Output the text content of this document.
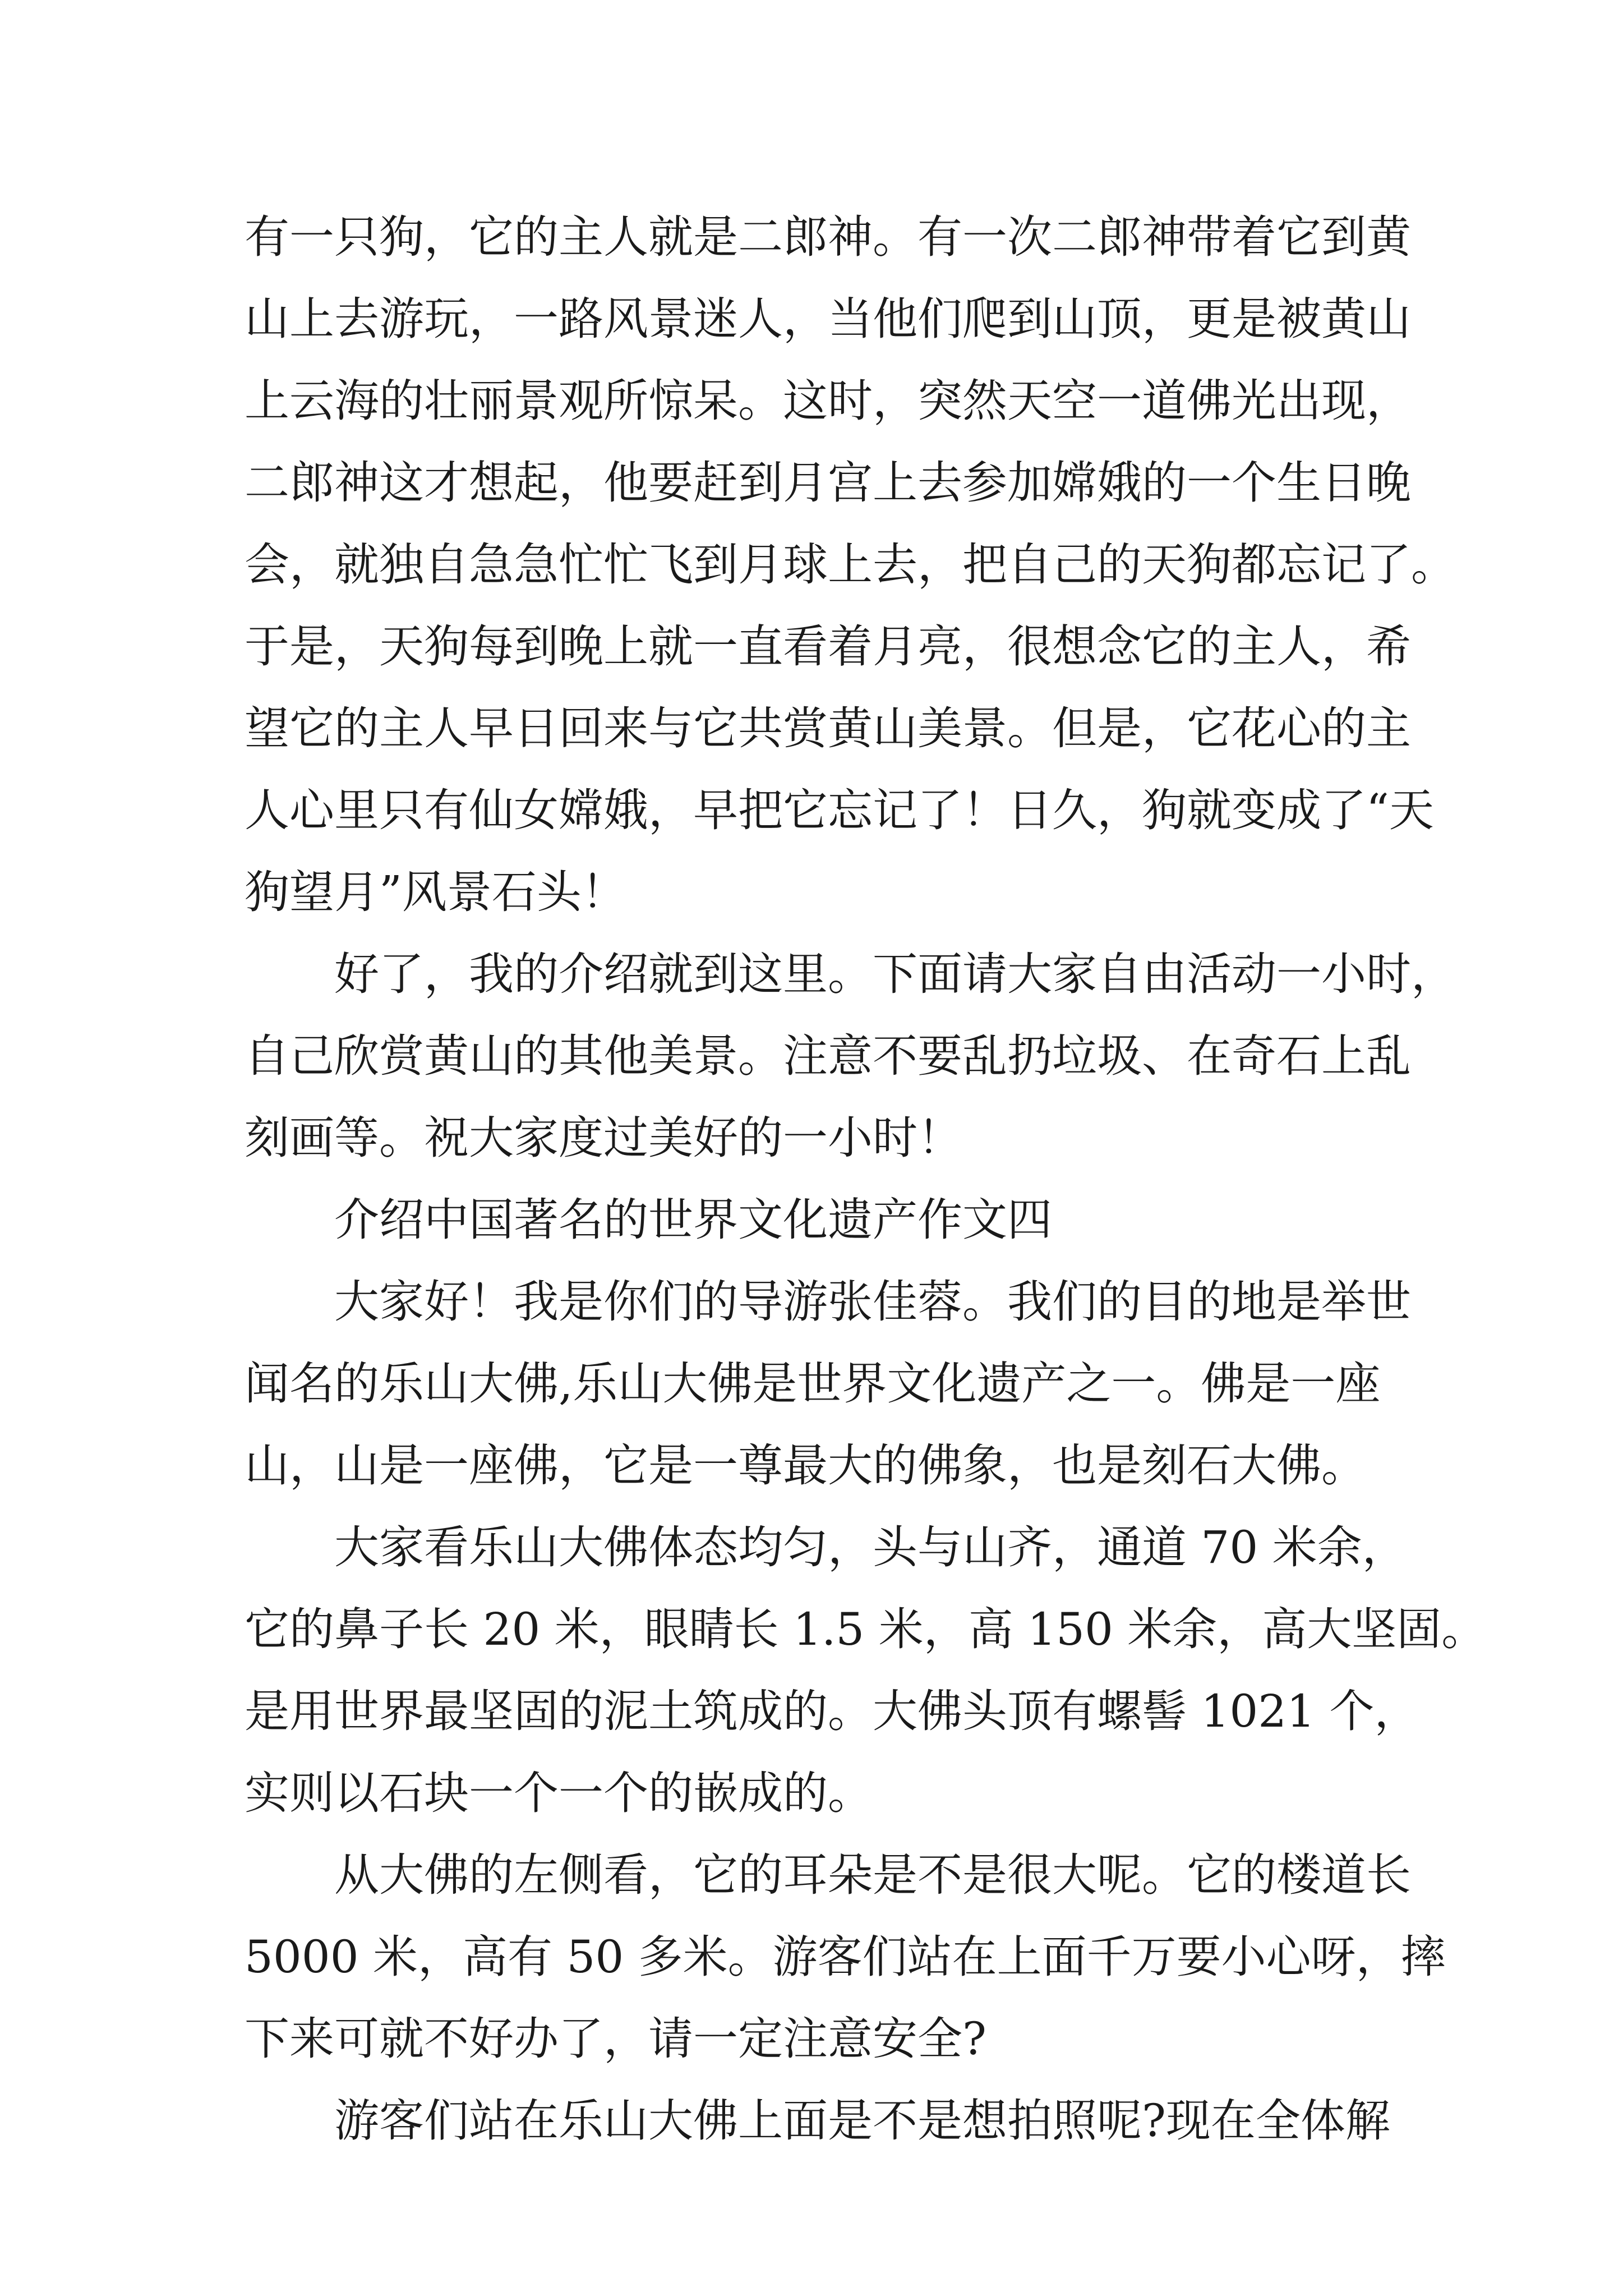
有一只狗，它的主人就是二郎神。有一次二郎神带着它到黄
山上去游玩，一路风景迷人，当他们爬到山顶，更是被黄山
上云海的壮丽景观所惊呆。这时，突然天空一道佛光出现，
二郎神这才想起，他要赶到月宫上去参加嫦娥的一个生日晚
会，就独自急急忙忙飞到月球上去，把自己的天狗都忘记了。
于是，天狗每到晚上就一直看着月亮，很想念它的主人，希
望它的主人早日回来与它共赏黄山美景。但是，它花心的主
人心里只有仙女嫦娥，早把它忘记了！日久，狗就变成了“天
狗望月”风景石头！
好了，我的介绍就到这里。下面请大家自由活动一小时，
自己欣赏黄山的其他美景。注意不要乱扔垃圾、在奇石上乱
刻画等。祝大家度过美好的一小时！
介绍中国著名的世界文化遗产作文四
大家好！我是你们的导游张佳蓉。我们的目的地是举世
闻名的乐山大佛,乐山大佛是世界文化遗产之一。佛是一座
山，山是一座佛，它是一尊最大的佛象，也是刻石大佛。
大家看乐山大佛体态均匀，头与山齐，通道 70 米余，
它的鼻子长 20 米，眼睛长 1.5 米，高 150 米余，高大坚固。
是用世界最坚固的泥土筑成的。大佛头顶有螺髻 1021 个，
实则以石块一个一个的嵌成的。
从大佛的左侧看，它的耳朵是不是很大呢。它的楼道长
5000 米，高有 50 多米。游客们站在上面千万要小心呀，摔
下来可就不好办了，请一定注意安全?
游客们站在乐山大佛上面是不是想拍照呢?现在全体解
